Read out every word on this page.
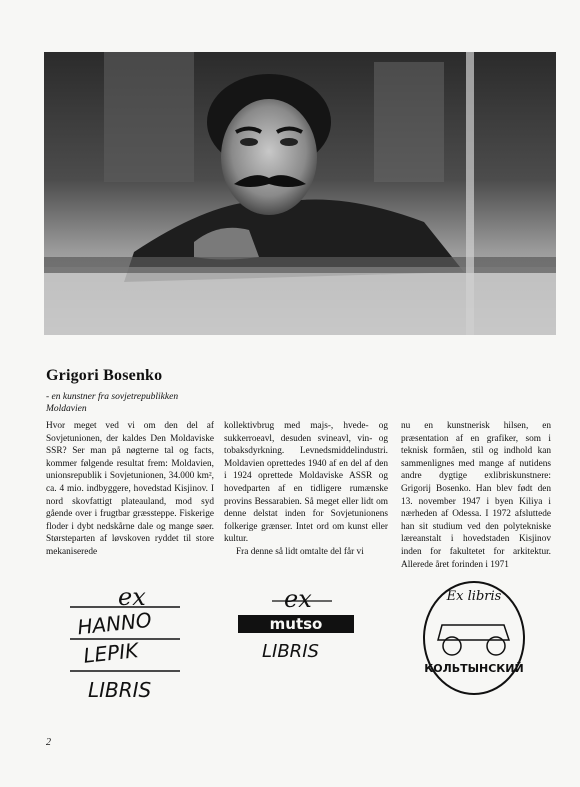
Grigori Bosenko
- en kunstner fra sovjetrepublikken Moldavien

Hvor meget ved vi om den del af Sovjetunionen, der kaldes Den Moldaviske SSR? Ser man på nøgterne tal og facts, kommer følgende resultat frem: Moldavien, unionsrepublik i Sovjetunionen, 34.000 km², ca. 4 mio. indbyggere, hovedstad Kisjinov. I nord skovfattigt plateauland, mod syd gående over i frugtbar græssteppe. Fiskerige floder i dybt nedskårne dale og mange søer. Størsteparten af løvskoven ryddet til store mekaniserede

kollektivbrug med majs-, hvede- og sukkerroeavl, desuden svineavl, vin- og tobaksdyrkning. Levnedsmiddelindustri. Moldavien oprettedes 1940 af en del af den i 1924 oprettede Moldaviske ASSR og hovedparten af en tidligere rumænske provins Bessarabien. Så meget eller lidt om denne delstat inden for Sovjetunionens folkerige grænser. Intet ord om kunst eller kultur.

Fra denne så lidt omtalte del får vi

nu en kunstnerisk hilsen, en præsentation af en grafiker, som i teknisk formåen, stil og indhold kan sammenlignes med mange af nutidens andre dygtige exlibriskunstnere: Grigorij Bosenko. Han blev født den 13. november 1947 i byen Kiliya i nærheden af Odessa. I 1972 afsluttede han sit studium ved den polytekniske læreanstalt i hovedstaden Kisjinov inden for fakultetet for arkitektur. Allerede året forinden i 1971

ex
HANNO
LEPIK
LIBRIS
ex
mutso
LIBRIS
Ex libris
КОЛЬТЫНСКИЙ
2
